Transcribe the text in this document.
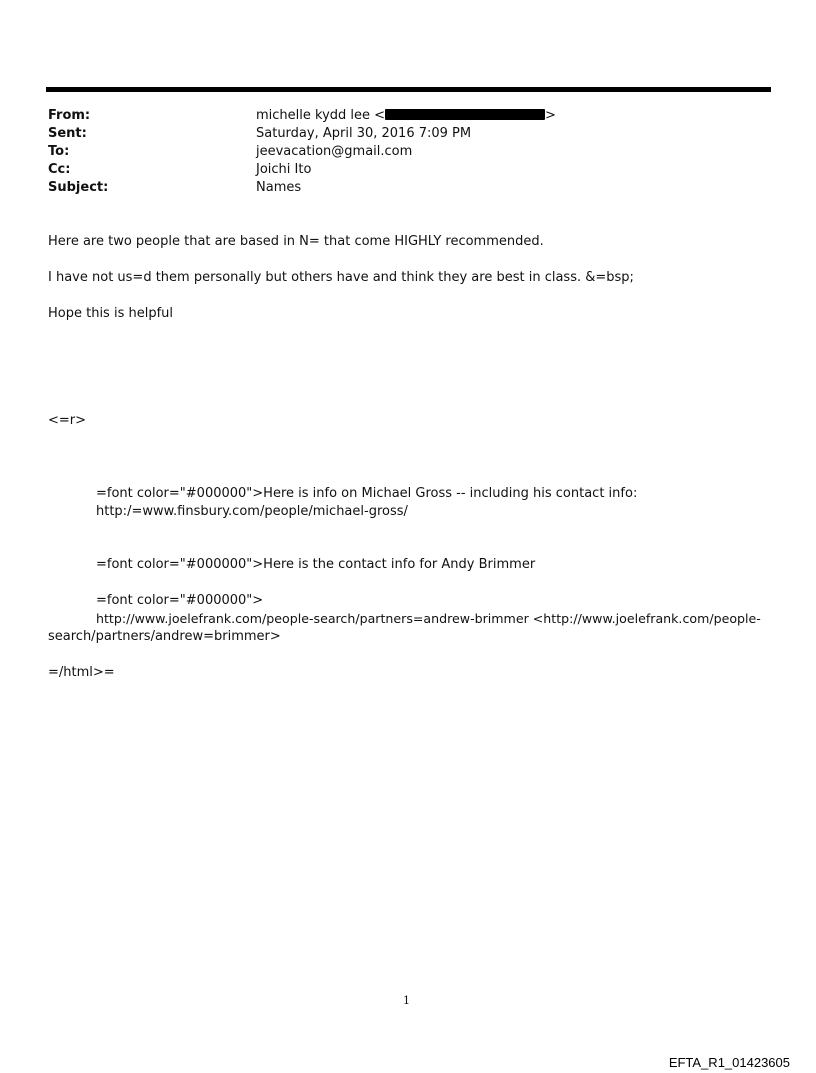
From:	michelle kydd lee <	>
Sent:	Saturday, April 30, 2016 7:09 PM
To:	jeevacation@gmail.com
Cc:	Joichi Ito
Subject:	Names
Here are two people that are based in N= that come HIGHLY recommended.
I have not us=d them personally but others have and think they are best in class. &=bsp;
Hope this is helpful
<=r>
=font color="#000000">Here is info on Michael Gross -- including his contact info:
http:/=www.finsbury.com/people/michael-gross/
=font color="#000000">Here is the contact info for Andy Brimmer
=font color="#000000">
http://www.joelefrank.com/people-search/partners=andrew-brimmer <http://www.joelefrank.com/people-
search/partners/andrew=brimmer>
=/html>=
1
EFTA_R1_01423605
